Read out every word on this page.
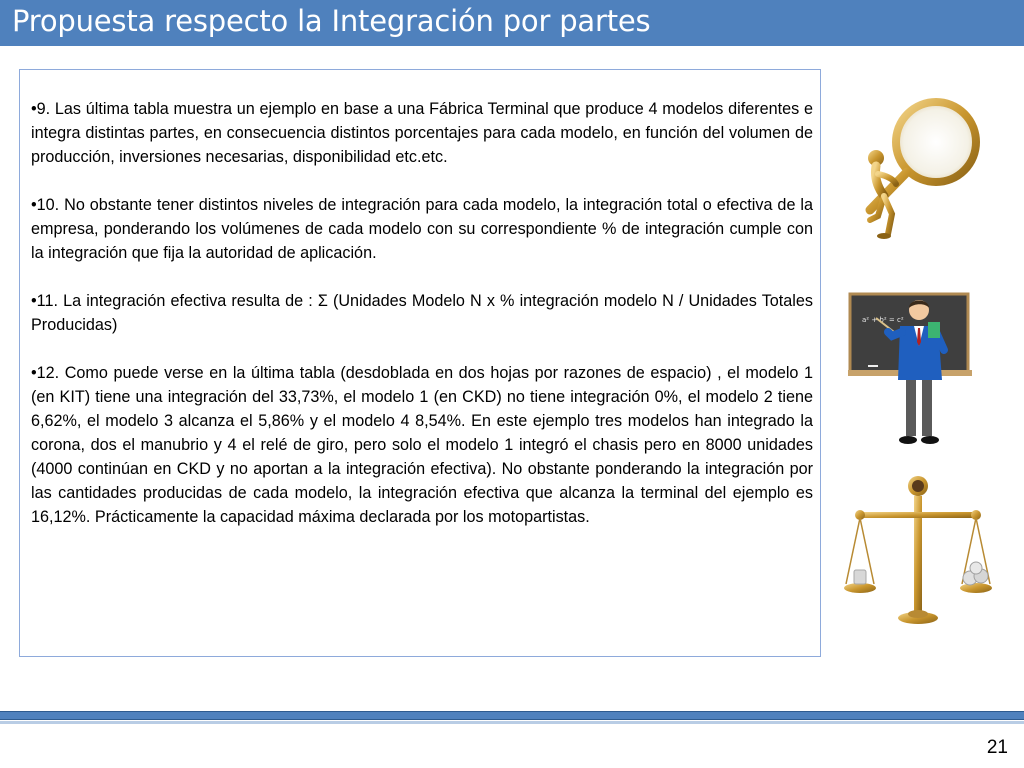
Propuesta respecto la Integración por partes

•9. Las última tabla muestra un ejemplo en base a una Fábrica Terminal que produce 4 modelos diferentes e integra distintas partes, en consecuencia distintos porcentajes para cada modelo, en función del volumen de producción, inversiones necesarias, disponibilidad etc.etc.

•10. No obstante tener distintos niveles de integración para cada modelo, la integración total o efectiva de la empresa, ponderando los volúmenes de cada modelo con su correspondiente % de integración cumple con la integración que fija la autoridad de aplicación.

•11. La integración efectiva resulta de : Σ (Unidades Modelo N x % integración modelo N / Unidades Totales Producidas)

•12. Como puede verse en la última tabla (desdoblada en dos hojas por razones de espacio) , el modelo 1 (en KIT) tiene una integración del 33,73%, el modelo 1 (en CKD) no tiene integración 0%, el modelo 2 tiene 6,62%, el modelo 3 alcanza el 5,86% y el modelo 4 8,54%. En este ejemplo tres modelos han integrado la corona, dos el manubrio y 4 el relé de giro, pero solo el modelo 1 integró el chasis pero en 8000 unidades (4000 continúan en CKD y no aportan a la integración efectiva). No obstante ponderando la integración por las cantidades producidas de cada modelo, la integración efectiva que alcanza la terminal del ejemplo es 16,12%. Prácticamente la capacidad máxima declarada por los motopartistas.

a² + b² = c²
21
